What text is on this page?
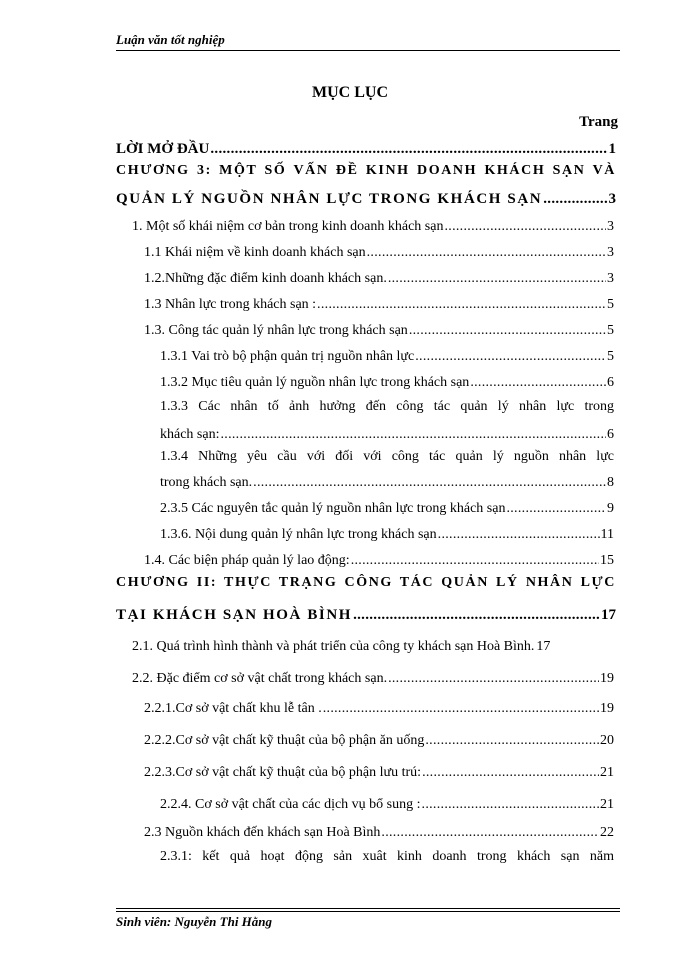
Luận văn tốt nghiệp
MỤC LỤC
Trang
LỜI MỞ ĐẦU .....	1
CHƯƠNG 3: MỘT SỐ VẤN ĐỀ KINH DOANH KHÁCH SẠN VÀ
QUẢN LÝ NGUỒN NHÂN LỰC TRONG KHÁCH SẠN .....	3
1. Một số khái niệm cơ bản trong kinh doanh khách sạn .....	3
1.1 Khái niệm về kinh doanh khách sạn .....	3
1.2.Những đặc điểm kinh doanh khách sạn. .....	3
1.3 Nhân lực trong khách sạn : .....	5
1.3. Công tác quản lý nhân lực trong khách sạn .....	5
1.3.1 Vai trò bộ phận quản trị nguồn nhân lực .....	5
1.3.2 Mục tiêu quản lý nguồn nhân lực trong khách sạn .....	6
1.3.3 Các nhân tố ảnh hưởng đến công tác quản lý nhân lực trong
khách sạn: .....	6
1.3.4 Những yêu cầu với đối với công tác quản lý nguồn nhân lực
trong khách sạn. .....	8
2.3.5 Các nguyên tắc quản lý nguồn nhân lực trong khách sạn .....	9
1.3.6. Nội dung quản lý nhân lực trong khách sạn .....	11
1.4. Các biện pháp quản lý lao động: .....	15
CHƯƠNG II: THỰC TRẠNG CÔNG TÁC QUẢN LÝ NHÂN LỰC
TẠI KHÁCH SẠN HOÀ BÌNH .....	17
2.1. Quá trình hình thành và phát triển của công ty khách sạn Hoà Bình. 17
2.2. Đặc điểm cơ sở vật chất trong khách sạn. .....	19
2.2.1.Cơ sở vật chất khu lễ tân . .....	19
2.2.2.Cơ sở vật chất kỹ thuật của bộ phận ăn uống .....	20
2.2.3.Cơ sở vật chất kỹ thuật của bộ phận lưu trú: .....	21
2.2.4. Cơ sở vật chất của các dịch vụ bổ sung : .....	21
2.3 Nguồn khách đến khách sạn Hoà Bình .....	22
2.3.1: kết quả hoạt động sản xuât kinh doanh trong khách sạn năm
Sinh viên: Nguyễn Thi Hằng
